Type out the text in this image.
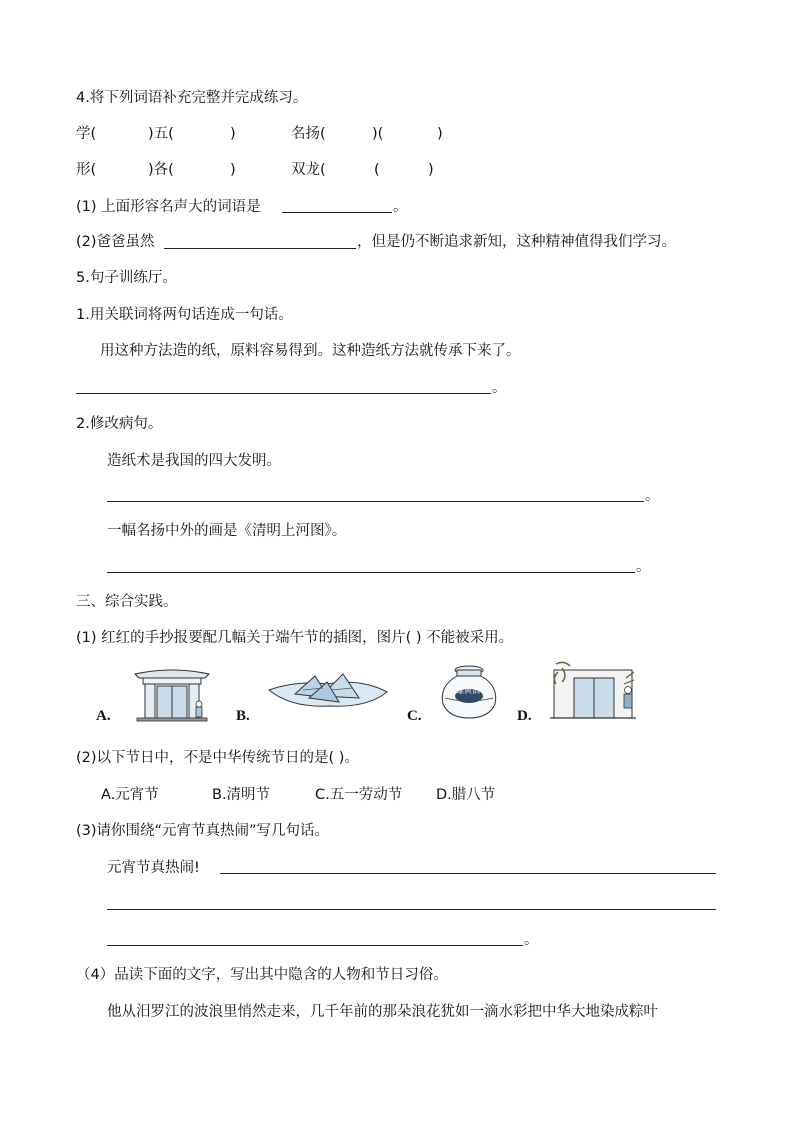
4.将下列词语补充完整并完成练习。
学(	)五(	)	名扬(	)(	)
形(	)各(	)	双龙(	(	)
(1) 上面形容名声大的词语是	。
(2)爸爸虽然	，但是仍不断追求新知，这种精神值得我们学习。
5.句子训练厅。
1.用关联词将两句话连成一句话。
用这种方法造的纸，原料容易得到。这种造纸方法就传承下来了。
。
2.修改病句。
造纸术是我国的四大发明。
。
一幅名扬中外的画是《清明上河图》。
。
三、综合实践。
(1) 红红的手抄报要配几幅关于端午节的插图，图片( ) 不能被采用。
A.	B.	C.
雄黄酒
D.
(2)以下节日中，不是中华传统节日的是( )。
A.元宵节	B.清明节	C.五一劳动节 D.腊八节
(3)请你围绕“元宵节真热闹”写几句话。
元宵节真热闹!
。
（4）品读下面的文字，写出其中隐含的人物和节日习俗。
他从汨罗江的波浪里悄然走来，几千年前的那朵浪花犹如一滴水彩把中华大地染成粽叶
